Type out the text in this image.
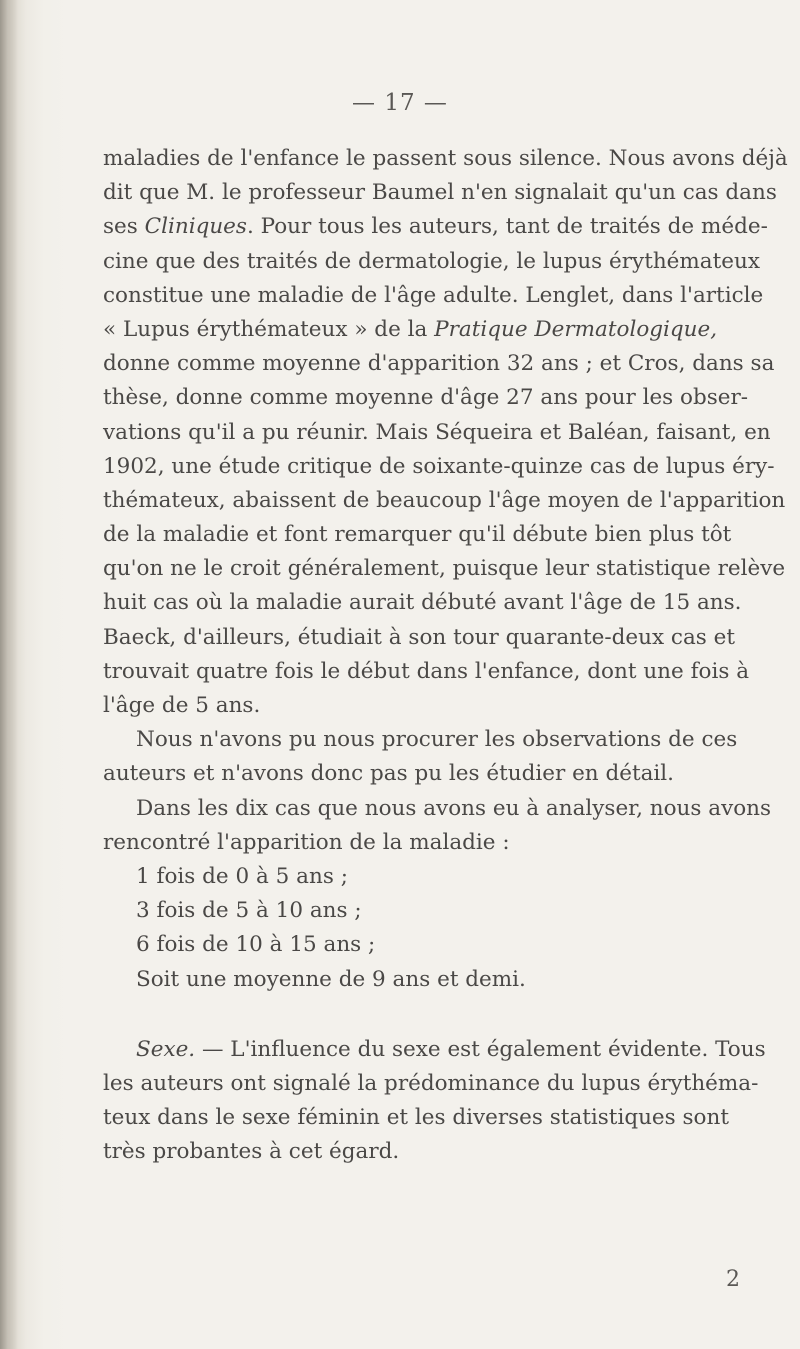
— 17 —
maladies de l'enfance le passent sous silence. Nous avons déjà
dit que M. le professeur Baumel n'en signalait qu'un cas dans
ses Cliniques. Pour tous les auteurs, tant de traités de méde-
cine que des traités de dermatologie, le lupus érythémateux
constitue une maladie de l'âge adulte. Lenglet, dans l'article
« Lupus érythémateux » de la Pratique Dermatologique,
donne comme moyenne d'apparition 32 ans ; et Cros, dans sa
thèse, donne comme moyenne d'âge 27 ans pour les obser-
vations qu'il a pu réunir. Mais Séqueira et Baléan, faisant, en
1902, une étude critique de soixante-quinze cas de lupus éry-
thémateux, abaissent de beaucoup l'âge moyen de l'apparition
de la maladie et font remarquer qu'il débute bien plus tôt
qu'on ne le croit généralement, puisque leur statistique relève
huit cas où la maladie aurait débuté avant l'âge de 15 ans.
Baeck, d'ailleurs, étudiait à son tour quarante-deux cas et
trouvait quatre fois le début dans l'enfance, dont une fois à
l'âge de 5 ans.
Nous n'avons pu nous procurer les observations de ces
auteurs et n'avons donc pas pu les étudier en détail.
Dans les dix cas que nous avons eu à analyser, nous avons
rencontré l'apparition de la maladie :
1 fois de 0 à 5 ans ;
3 fois de 5 à 10 ans ;
6 fois de 10 à 15 ans ;
Soit une moyenne de 9 ans et demi.
Sexe. — L'influence du sexe est également évidente. Tous
les auteurs ont signalé la prédominance du lupus érythéma-
teux dans le sexe féminin et les diverses statistiques sont
très probantes à cet égard.
2
